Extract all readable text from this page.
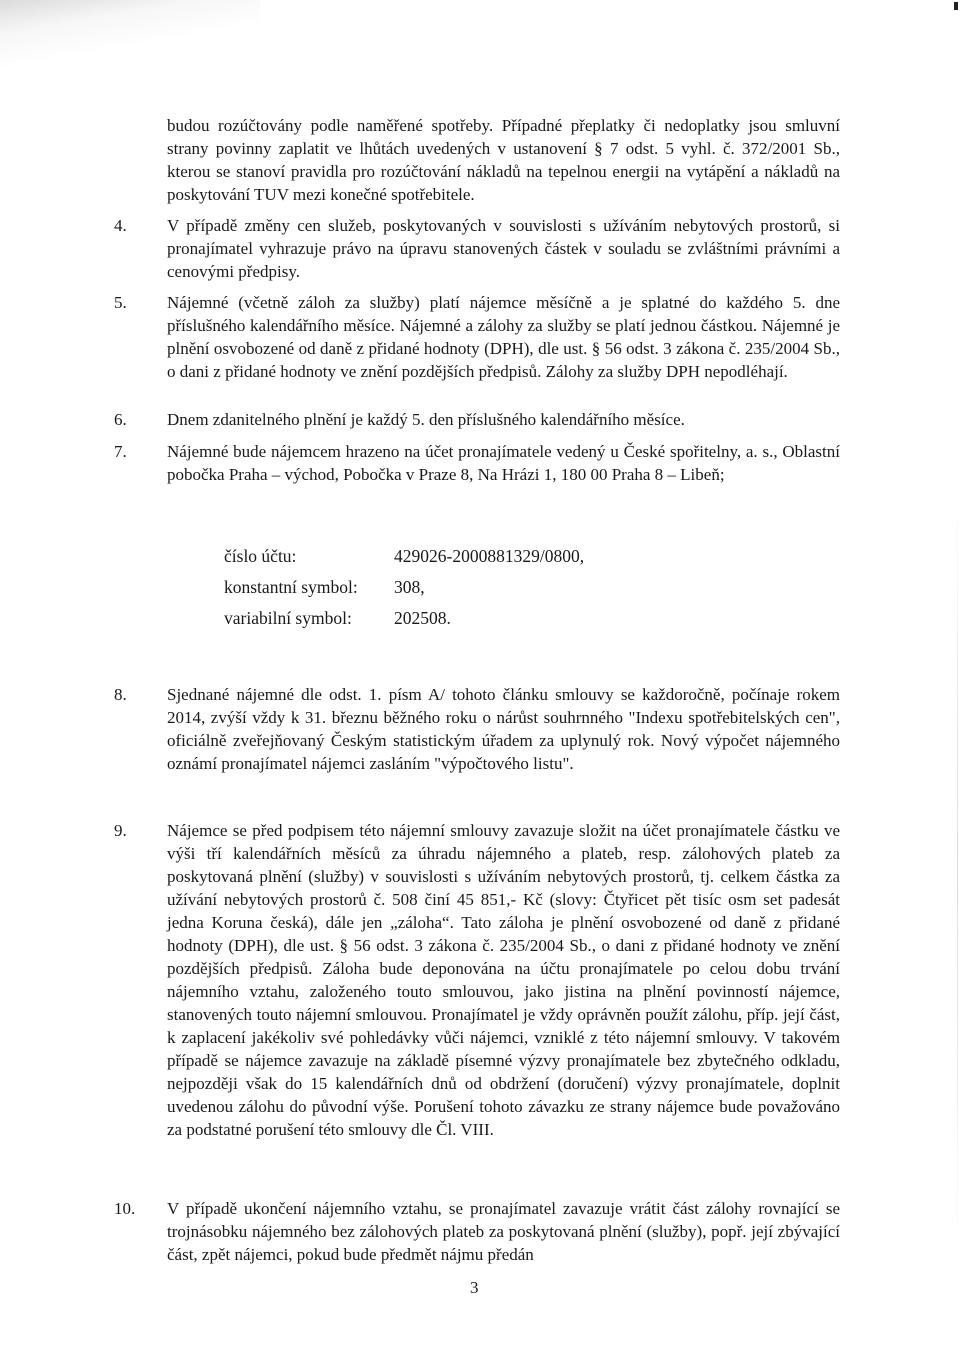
budou rozúčtovány podle naměřené spotřeby. Případné přeplatky či nedoplatky jsou smluvní strany povinny zaplatit ve lhůtách uvedených v ustanovení § 7 odst. 5 vyhl. č. 372/2001 Sb., kterou se stanoví pravidla pro rozúčtování nákladů na tepelnou energii na vytápění a nákladů na poskytování TUV mezi konečné spotřebitele.

4. V případě změny cen služeb, poskytovaných v souvislosti s užíváním nebytových prostorů, si pronajímatel vyhrazuje právo na úpravu stanovených částek v souladu se zvláštními právními a cenovými předpisy.

5. Nájemné (včetně záloh za služby) platí nájemce měsíčně a je splatné do každého 5. dne příslušného kalendářního měsíce. Nájemné a zálohy za služby se platí jednou částkou. Nájemné je plnění osvobozené od daně z přidané hodnoty (DPH), dle ust. § 56 odst. 3 zákona č. 235/2004 Sb., o dani z přidané hodnoty ve znění pozdějších předpisů. Zálohy za služby DPH nepodléhají.

6. Dnem zdanitelného plnění je každý 5. den příslušného kalendářního měsíce.

7. Nájemné bude nájemcem hrazeno na účet pronajímatele vedený u České spořitelny, a. s., Oblastní pobočka Praha – východ, Pobočka v Praze 8, Na Hrázi 1, 180 00 Praha 8 – Libeň;

číslo účtu:	429026-2000881329/0800,
konstantní symbol: 308,
variabilní symbol: 202508.
8. Sjednané nájemné dle odst. 1. písm A/ tohoto článku smlouvy se každoročně, počínaje rokem 2014, zvýší vždy k 31. březnu běžného roku o nárůst souhrnného "Indexu spotřebitelských cen", oficiálně zveřejňovaný Českým statistickým úřadem za uplynulý rok. Nový výpočet nájemného oznámí pronajímatel nájemci zasláním "výpočtového listu".

9. Nájemce se před podpisem této nájemní smlouvy zavazuje složit na účet pronajímatele částku ve výši tří kalendářních měsíců za úhradu nájemného a plateb, resp. zálohových plateb za poskytovaná plnění (služby) v souvislosti s užíváním nebytových prostorů, tj. celkem částka za užívání nebytových prostorů č. 508 činí 45 851,- Kč (slovy: Čtyřicet pět tisíc osm set padesát jedna Koruna česká), dále jen „záloha“. Tato záloha je plnění osvobozené od daně z přidané hodnoty (DPH), dle ust. § 56 odst. 3 zákona č. 235/2004 Sb., o dani z přidané hodnoty ve znění pozdějších předpisů. Záloha bude deponována na účtu pronajímatele po celou dobu trvání nájemního vztahu, založeného touto smlouvou, jako jistina na plnění povinností nájemce, stanovených touto nájemní smlouvou. Pronajímatel je vždy oprávněn použít zálohu, příp. její část, k zaplacení jakékoliv své pohledávky vůči nájemci, vzniklé z této nájemní smlouvy. V takovém případě se nájemce zavazuje na základě písemné výzvy pronajímatele bez zbytečného odkladu, nejpozději však do 15 kalendářních dnů od obdržení (doručení) výzvy pronajímatele, doplnit uvedenou zálohu do původní výše. Porušení tohoto závazku ze strany nájemce bude považováno za podstatné porušení této smlouvy dle Čl. VIII.

10. V případě ukončení nájemního vztahu, se pronajímatel zavazuje vrátit část zálohy rovnající se trojnásobku nájemného bez zálohových plateb za poskytovaná plnění (služby), popř. její zbývající část, zpět nájemci, pokud bude předmět nájmu předán

3
